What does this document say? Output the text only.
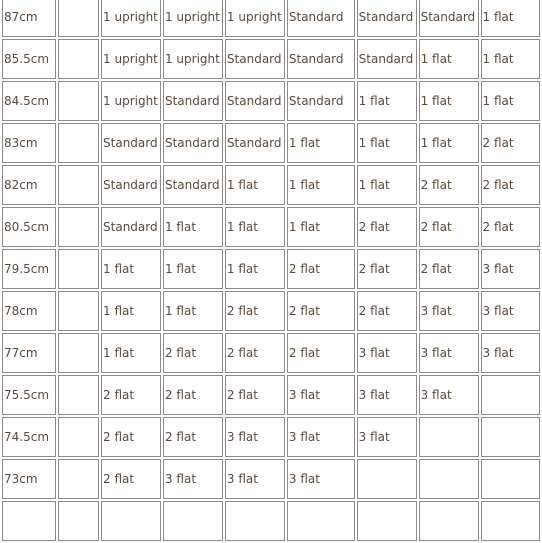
87cm		1 upright	1 upright	1 upright	Standard	Standard	Standard	1 flat
85.5cm		1 upright	1 upright	Standard	Standard	Standard	1 flat	1 flat
84.5cm		1 upright	Standard	Standard	Standard	1 flat	1 flat	1 flat
83cm		Standard	Standard	Standard	1 flat	1 flat	1 flat	2 flat
82cm		Standard	Standard	1 flat	1 flat	1 flat	2 flat	2 flat
80.5cm		Standard	1 flat	1 flat	1 flat	2 flat	2 flat	2 flat
79.5cm		1 flat	1 flat	1 flat	2 flat	2 flat	2 flat	3 flat
78cm		1 flat	1 flat	2 flat	2 flat	2 flat	3 flat	3 flat
77cm		1 flat	2 flat	2 flat	2 flat	3 flat	3 flat	3 flat
75.5cm		2 flat	2 flat	2 flat	3 flat	3 flat	3 flat	
74.5cm		2 flat	2 flat	3 flat	3 flat	3 flat		
73cm		2 flat	3 flat	3 flat	3 flat			
